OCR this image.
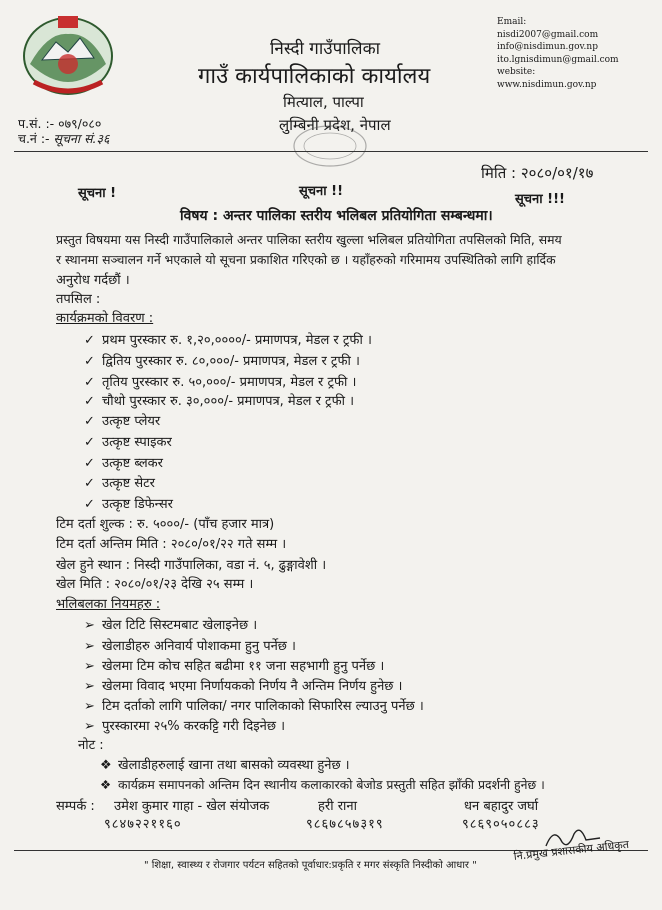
निस्दी गाउँपालिका
गाउँ कार्यपालिकाको कार्यालय
मित्याल, पाल्पा
लुम्बिनी प्रदेश, नेपाल
Email:
nisdi2007@gmail.com
info@nisdimun.gov.np
ito.lgnisdimun@gmail.com
website:
www.nisdimun.gov.np
प.सं. :- ०७९/०८०
च.नं :- सूचना सं.३६
मिति : २०८०/०१/१७
सूचना !	सूचना !!
सूचना !!!
विषय : अन्तर पालिका स्तरीय भलिबल प्रतियोगिता सम्बन्धमा।
प्रस्तुत विषयमा यस निस्दी गाउँपालिकाले अन्तर पालिका स्तरीय खुल्ला भलिबल प्रतियोगिता तपसिलको मिति, समय
र स्थानमा सञ्चालन गर्ने भएकाले यो सूचना प्रकाशित गरिएको छ । यहाँहरुको गरिमामय उपस्थितिको लागि हार्दिक
अनुरोध गर्दछौं ।
तपसिल :
कार्यक्रमको विवरण :
✓ प्रथम पुरस्कार रु. १,२०,००००/- प्रमाणपत्र, मेडल र ट्रफी ।
✓ द्वितिय पुरस्कार रु. ८०,०००/- प्रमाणपत्र, मेडल र ट्रफी ।
✓ तृतिय पुरस्कार रु. ५०,०००/- प्रमाणपत्र, मेडल र ट्रफी ।
✓ चौथो पुरस्कार रु. ३०,०००/- प्रमाणपत्र, मेडल र ट्रफी ।
✓ उत्कृष्ट प्लेयर
✓ उत्कृष्ट स्पाइकर
✓ उत्कृष्ट ब्लकर
✓ उत्कृष्ट सेटर
✓ उत्कृष्ट डिफेन्सर
टिम दर्ता शुल्क : रु. ५०००/- (पाँच हजार मात्र)
टिम दर्ता अन्तिम मिति : २०८०/०१/२२ गते सम्म ।
खेल हुने स्थान : निस्दी गाउँपालिका, वडा नं. ५, ढुङ्गावेशी ।
खेल मिति : २०८०/०१/२३ देखि २५ सम्म ।
भलिबलका नियमहरु :
➢ खेल टिटि सिस्टमबाट खेलाइनेछ ।
➢ खेलाडीहरु अनिवार्य पोशाकमा हुनु पर्नेछ ।
➢ खेलमा टिम कोच सहित बढीमा ११ जना सहभागी हुनु पर्नेछ ।
➢ खेलमा विवाद भएमा निर्णायकको निर्णय नै अन्तिम निर्णय हुनेछ ।
➢ टिम दर्ताको लागि पालिका/ नगर पालिकाको सिफारिस ल्याउनु पर्नेछ ।
➢ पुरस्कारमा २५% करकट्टि गरी दिइनेछ ।
नोट :
❖ खेलाडीहरुलाई खाना तथा बासको व्यवस्था हुनेछ ।
❖ कार्यक्रम समापनको अन्तिम दिन स्थानीय कलाकारको बेजोड प्रस्तुती सहित झाँकी प्रदर्शनी हुनेछ ।
सम्पर्क : उमेश कुमार गाहा - खेल संयोजक
९८४७२२११६०
हरी राना
९८६७८५७३१९
धन बहादुर जर्घा
९८६९०५०८८३
" शिक्षा, स्वास्थ्य र रोजगार पर्यटन सहितको पूर्वाधार:प्रकृति र मगर संस्कृति निस्दीको आधार "
नि.प्रमुख प्रशासकीय अधिकृत
